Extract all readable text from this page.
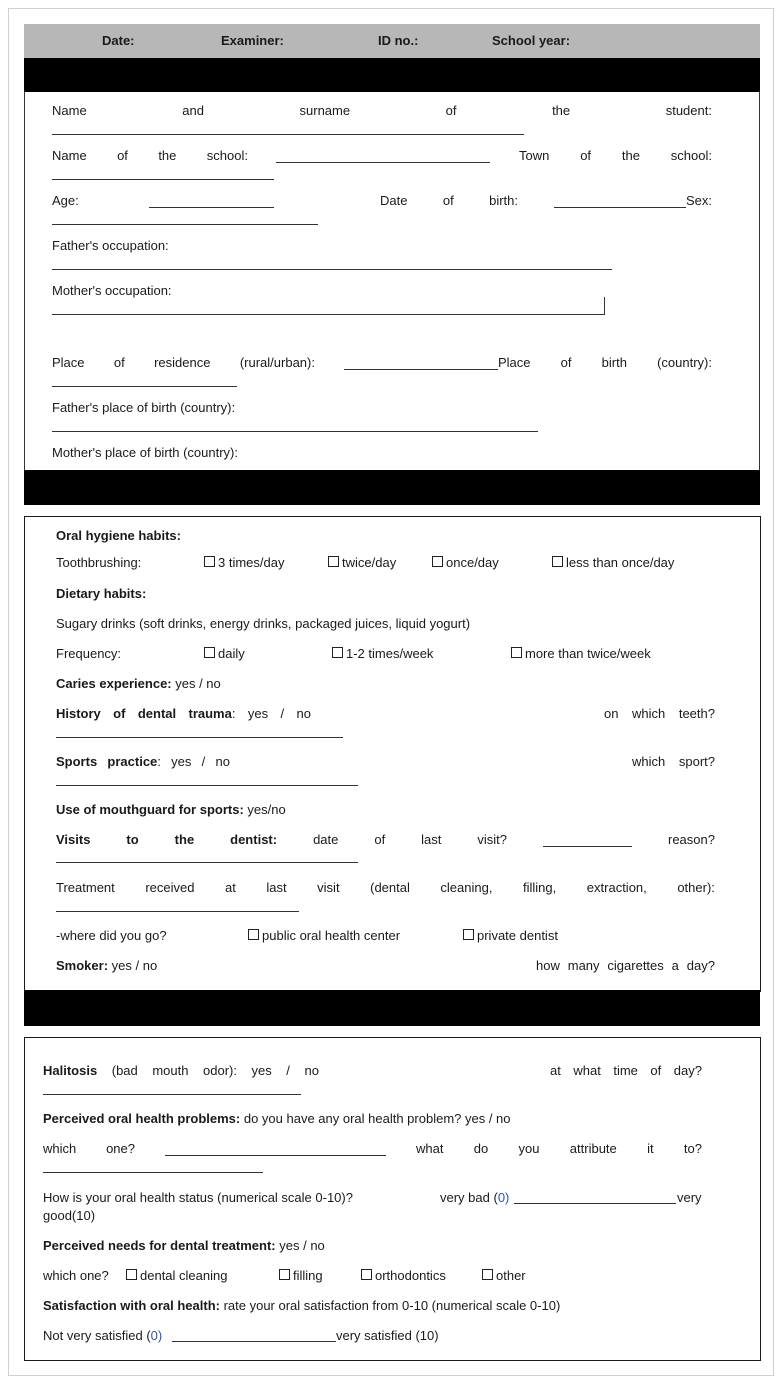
Date:	Examiner:	ID no.:	School year:
Name	and	surname	of	the	student:
Name of the school:	Town of the school:
Age:	Date	of	birth:	Sex:
Father's occupation:
Mother's occupation:
Place of residence (rural/urban):	Place of birth (country):
Father's place of birth (country):
Mother's place of birth (country):
Oral hygiene habits:
Toothbrushing:	3 times/day	twice/day	once/day	less than once/day
Dietary habits:
Sugary drinks (soft drinks, energy drinks, packaged juices, liquid yogurt)
Frequency:	daily	1-2 times/week	more than twice/week
Caries experience: yes / no
History of dental trauma: yes / no	on which teeth?
Sports practice: yes / no	which sport?
Use of mouthguard for sports: yes/no
Visits	to	the	dentist:	date	of	last	visit?	reason?
Treatment received at last visit (dental cleaning, filling, extraction, other):
-where did you go?	public oral health center	private dentist
Smoker: yes / no	how many cigarettes a day?
Halitosis (bad mouth odor): yes / no	at what time of day?
Perceived oral health problems: do you have any oral health problem? yes / no
which one?	what do you attribute it to?
How is your oral health status (numerical scale 0-10)?	very bad (0)	very
good(10)
Perceived needs for dental treatment: yes / no
which one?	dental cleaning	filling	orthodontics	other
Satisfaction with oral health: rate your oral satisfaction from 0-10 (numerical scale 0-10)
Not very satisfied (0)	very satisfied (10)
